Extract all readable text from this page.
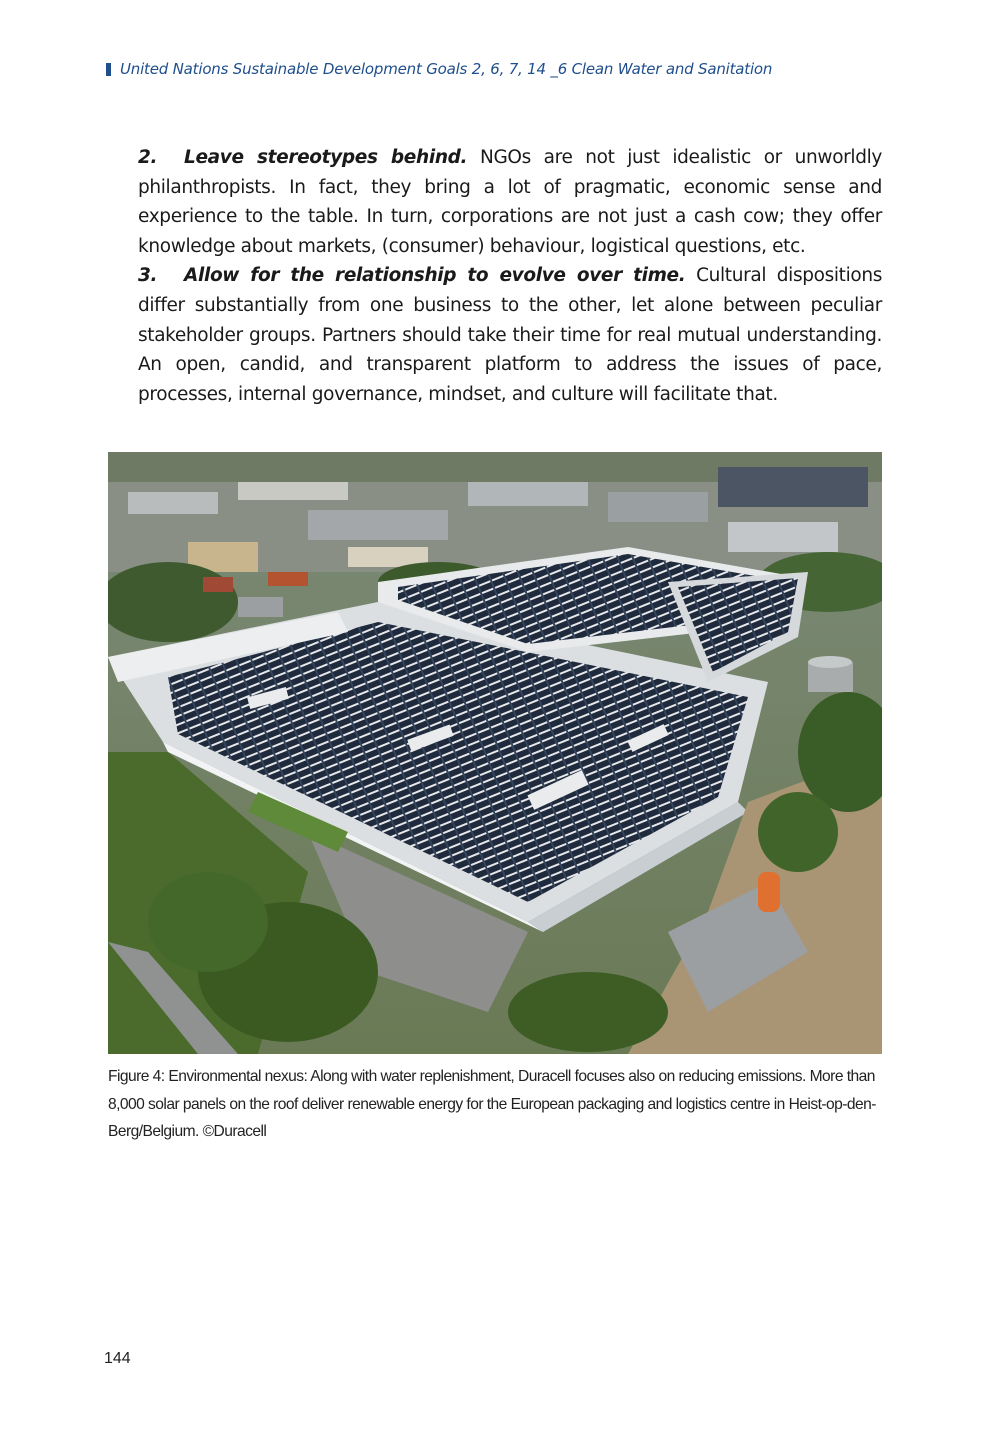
United Nations Sustainable Development Goals 2, 6, 7, 14 _6 Clean Water and Sanitation

2. Leave stereotypes behind. NGOs are not just idealistic or unworldly philanthropists. In fact, they bring a lot of pragmatic, economic sense and experience to the table. In turn, corporations are not just a cash cow; they offer knowledge about markets, (consumer) behaviour, logistical questions, etc.

3. Allow for the relationship to evolve over time. Cultural dispositions differ substantially from one business to the other, let alone between peculiar stakeholder groups. Partners should take their time for real mutual understanding. An open, candid, and transparent platform to address the issues of pace, processes, internal governance, mindset, and culture will facilitate that.

Figure 4: Environmental nexus: Along with water replenishment, Duracell focuses also on reducing emissions. More than 8,000 solar panels on the roof deliver renewable energy for the European packaging and logistics centre in Heist-op-den-Berg/Belgium. ©Duracell
144
